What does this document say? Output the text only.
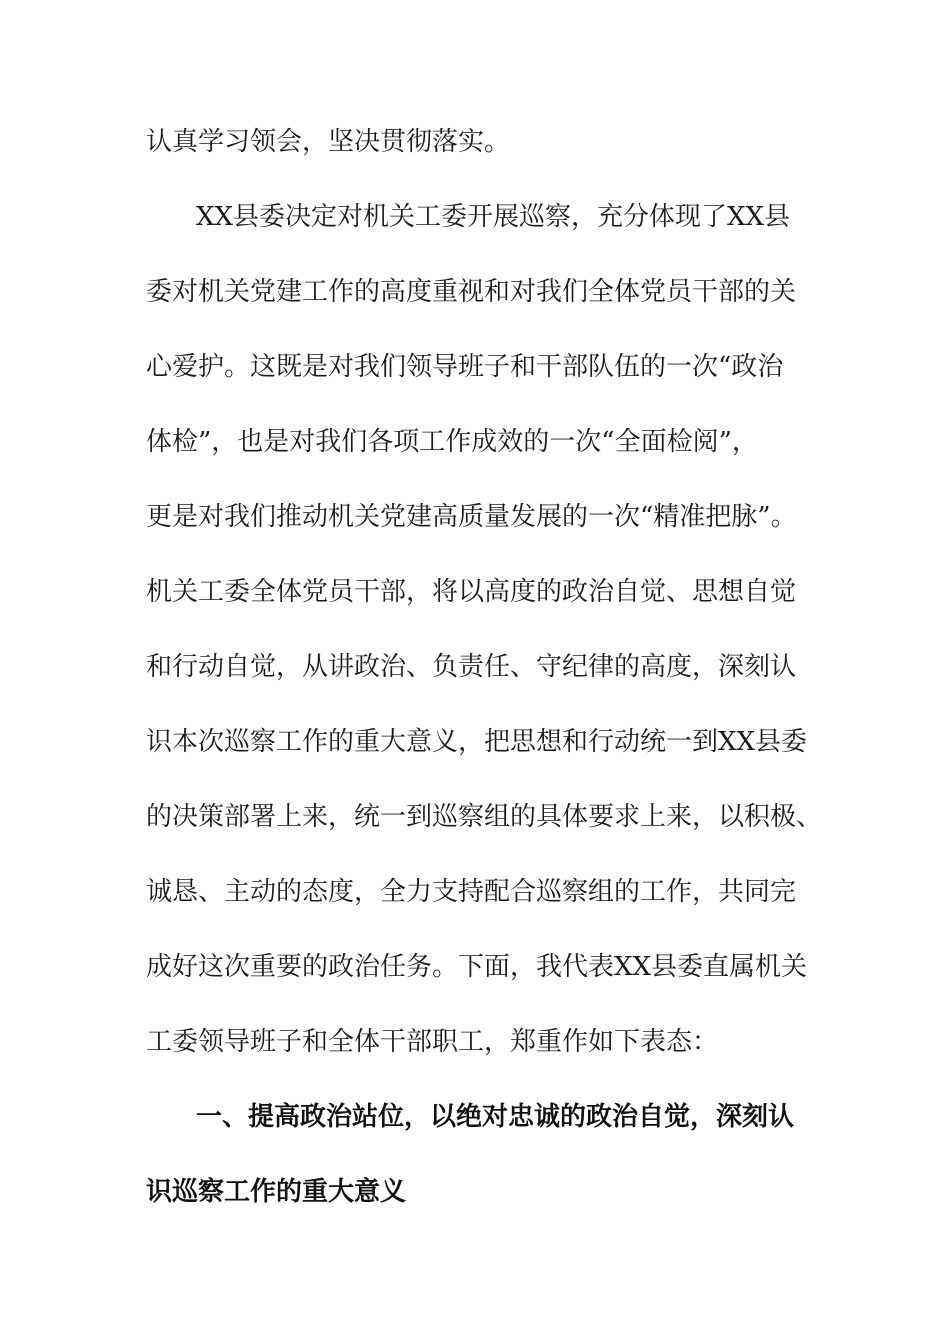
认真学习领会，坚决贯彻落实。
XX县委决定对机关工委开展巡察，充分体现了XX县
委对机关党建工作的高度重视和对我们全体党员干部的关
心爱护。这既是对我们领导班子和干部队伍的一次“政治
体检”，也是对我们各项工作成效的一次“全面检阅”，
更是对我们推动机关党建高质量发展的一次“精准把脉”。
机关工委全体党员干部，将以高度的政治自觉、思想自觉
和行动自觉，从讲政治、负责任、守纪律的高度，深刻认
识本次巡察工作的重大意义，把思想和行动统一到XX县委
的决策部署上来，统一到巡察组的具体要求上来，以积极、
诚恳、主动的态度，全力支持配合巡察组的工作，共同完
成好这次重要的政治任务。下面，我代表XX县委直属机关
工委领导班子和全体干部职工，郑重作如下表态：
一、提高政治站位，以绝对忠诚的政治自觉，深刻认
识巡察工作的重大意义
